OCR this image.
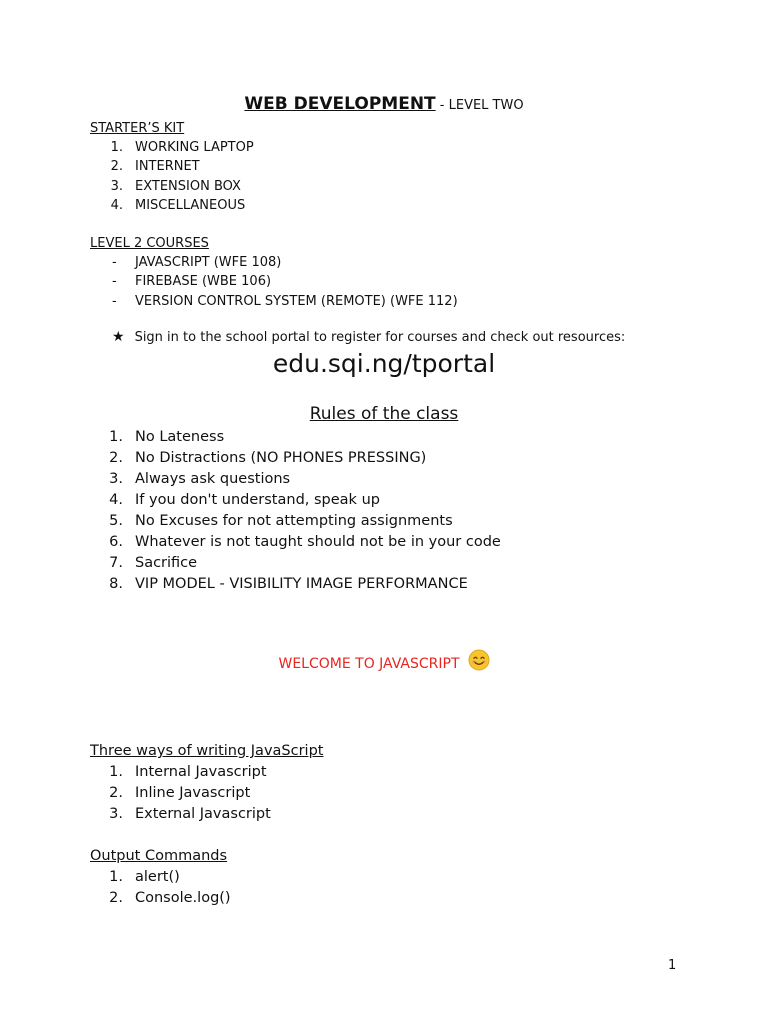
WEB DEVELOPMENT - LEVEL TWO
STARTER’S KIT
1. WORKING LAPTOP
2. INTERNET
3. EXTENSION BOX
4. MISCELLANEOUS
LEVEL 2 COURSES
- JAVASCRIPT (WFE 108)
- FIREBASE (WBE 106)
- VERSION CONTROL SYSTEM (REMOTE) (WFE 112)
★ Sign in to the school portal to register for courses and check out resources:
edu.sqi.ng/tportal
Rules of the class
1. No Lateness
2. No Distractions (NO PHONES PRESSING)
3. Always ask questions
4. If you don't understand, speak up
5. No Excuses for not attempting assignments
6. Whatever is not taught should not be in your code
7. Sacrifice
8. VIP MODEL - VISIBILITY IMAGE PERFORMANCE
WELCOME TO JAVASCRIPT
Three ways of writing JavaScript
1. Internal Javascript
2. Inline Javascript
3. External Javascript
Output Commands
1. alert()
2. Console.log()
1
